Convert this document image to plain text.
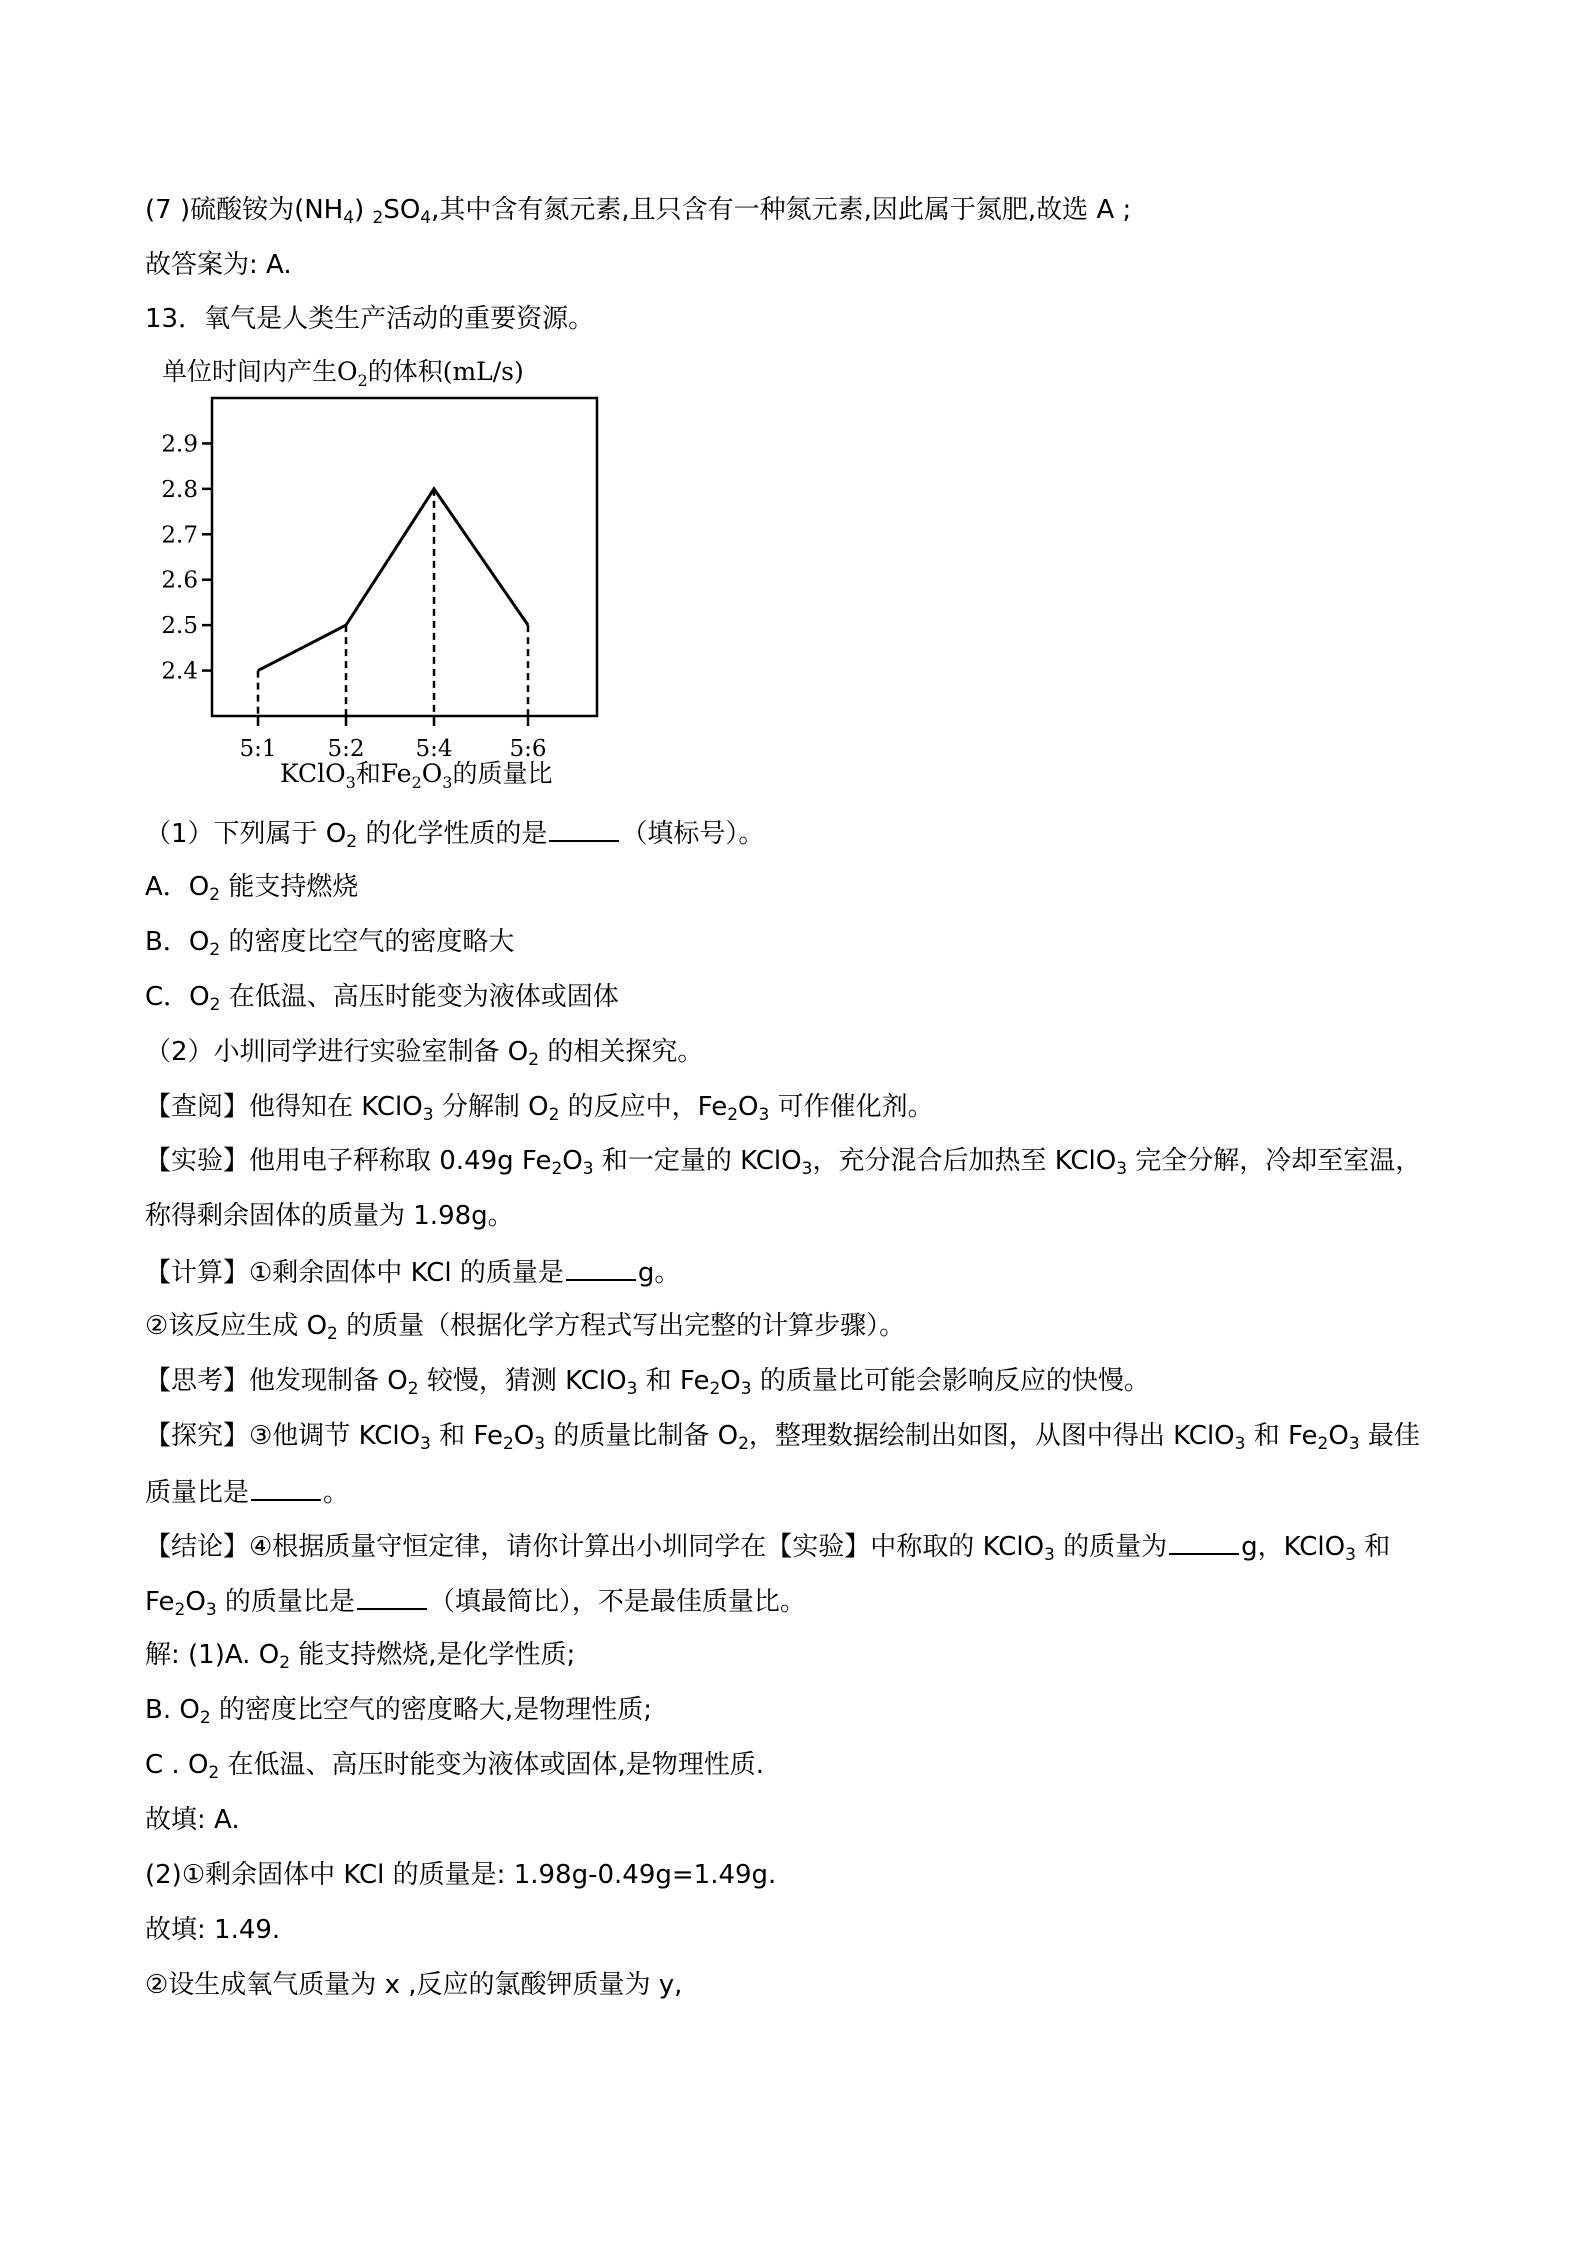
(7 )硫酸铵为$(NH_4)$ $_2SO_4$,其中含有氮元素,且只含有一种氮元素,因此属于氮肥,故选 A ;
故答案为: A.
13．氧气是人类生产活动的重要资源。
单位时间内产生$O_2$的体积(mL/s)
2.4
2.5
2.6
2.7
2.8
2.9
5:1 5:2 5:4 5:6
KClO$_3$和$Fe_2O_3$的质量比
（1）下列属于 $O_2$ 的化学性质的是	（填标号）。
A．$O_2$ 能支持燃烧
B．$O_2$ 的密度比空气的密度略大
C．$O_2$ 在低温、高压时能变为液体或固体
（2）小圳同学进行实验室制备 $O_2$ 的相关探究。
【查阅】他得知在 KClO$_3$ 分解制 $O_2$ 的反应中，$Fe_2O_3$ 可作催化剂。
【实验】他用电子秤称取 0.49g $Fe_2O_3$ 和一定量的 KClO$_3$，充分混合后加热至 KClO$_3$ 完全分解，冷却至室温，
称得剩余固体的质量为 1.98g。
【计算】①剩余固体中 KCl 的质量是	g。
②该反应生成 $O_2$ 的质量（根据化学方程式写出完整的计算步骤）。
【思考】他发现制备 $O_2$ 较慢，猜测 KClO$_3$ 和 $Fe_2O_3$ 的质量比可能会影响反应的快慢。
【探究】③他调节 KClO$_3$ 和 $Fe_2O_3$ 的质量比制备 $O_2$，整理数据绘制出如图，从图中得出 KClO$_3$ 和 $Fe_2O_3$ 最佳
质量比是	。
【结论】④根据质量守恒定律，请你计算出小圳同学在【实验】中称取的 KClO$_3$ 的质量为	g，KClO$_3$ 和
$Fe_2O_3$ 的质量比是	（填最简比），不是最佳质量比。
解: (1)A. $O_2$ 能支持燃烧,是化学性质;
B. $O_2$ 的密度比空气的密度略大,是物理性质;
C . $O_2$ 在低温、高压时能变为液体或固体,是物理性质.
故填: A.
(2)①剩余固体中 KCl 的质量是: 1.98g-0.49g=1.49g.
故填: 1.49.
②设生成氧气质量为 x ,反应的氯酸钾质量为 y,
